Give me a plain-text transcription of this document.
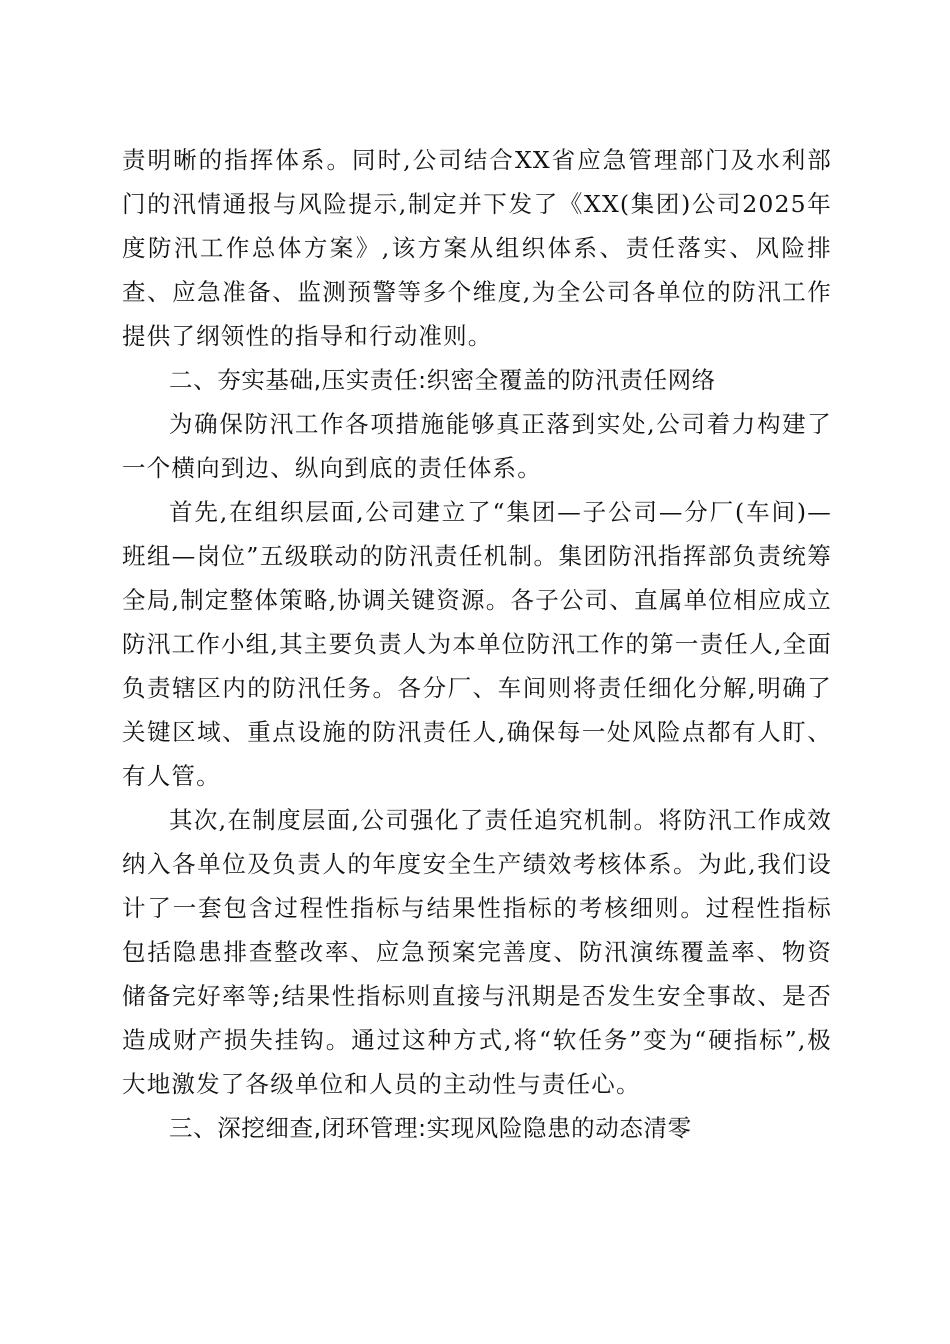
责明晰的指挥体系。同时,公司结合XX省应急管理部门及水利部门的汛情通报与风险提示,制定并下发了《XX(集团)公司2025年度防汛工作总体方案》,该方案从组织体系、责任落实、风险排查、应急准备、监测预警等多个维度,为全公司各单位的防汛工作提供了纲领性的指导和行动准则。

二、夯实基础,压实责任:织密全覆盖的防汛责任网络

为确保防汛工作各项措施能够真正落到实处,公司着力构建了一个横向到边、纵向到底的责任体系。

首先,在组织层面,公司建立了“集团—子公司—分厂(车间)—班组—岗位”五级联动的防汛责任机制。集团防汛指挥部负责统筹全局,制定整体策略,协调关键资源。各子公司、直属单位相应成立防汛工作小组,其主要负责人为本单位防汛工作的第一责任人,全面负责辖区内的防汛任务。各分厂、车间则将责任细化分解,明确了关键区域、重点设施的防汛责任人,确保每一处风险点都有人盯、有人管。

其次,在制度层面,公司强化了责任追究机制。将防汛工作成效纳入各单位及负责人的年度安全生产绩效考核体系。为此,我们设计了一套包含过程性指标与结果性指标的考核细则。过程性指标包括隐患排查整改率、应急预案完善度、防汛演练覆盖率、物资储备完好率等;结果性指标则直接与汛期是否发生安全事故、是否造成财产损失挂钩。通过这种方式,将“软任务”变为“硬指标”,极大地激发了各级单位和人员的主动性与责任心。

三、深挖细查,闭环管理:实现风险隐患的动态清零
